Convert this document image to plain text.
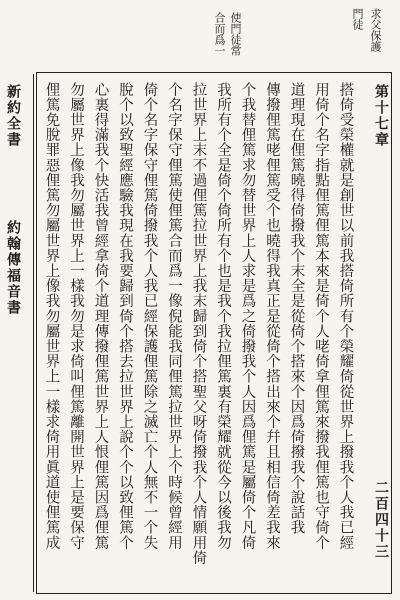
求父保護
門徒
使門徒常
合而爲一
新約全書
約翰傳福音書	搭倚受榮權就是創世以前我搭倚所有个榮耀倚從世界上撥我个人我已經
用倚个名字指點俚篤俚篤本來是倚个人咾倚拿俚篤來撥我俚篤也守倚个
道理現在俚篤曉得倚撥我个末全是從倚个搭來个因爲倚撥我个說話我
傳撥俚篤咾俚篤受个也曉得我真正是從倚个搭出來个幷且相信倚差我來
个我替俚篤求勿替世界上人求是爲之倚撥我个人因爲俚篤是屬倚个凡倚
我所有个全是倚个倚所有个也是我个我拉俚篤裏有榮耀就從今以後我勿
拉世界上末不過俚篤拉世界上我末歸到倚个搭聖父呀倚撥我个人情願用倚
个名字保守俚篤使俚篤合而爲一像倪能我同俚篤拉世界上个時候曾經用
倚个名字保守俚篤倚撥我个人我已經保護俚篤除之滅亡个人無不一个失
脫个以致聖經應驗我現在我要歸到倚个搭去拉世界上說个个以致俚篤个
心裏得滿我个快活我曾經拿倚个道理傳撥俚篤世界上人恨俚篤因爲俚篤
勿屬世界上像我勿屬世界上一樣我勿是求倚叫俚篤離開世界上是要保守
俚篤免脫罪惡俚篤勿屬世界上像我勿屬世界上一樣求倚用眞道使俚篤成	第十七章
二百四十三
